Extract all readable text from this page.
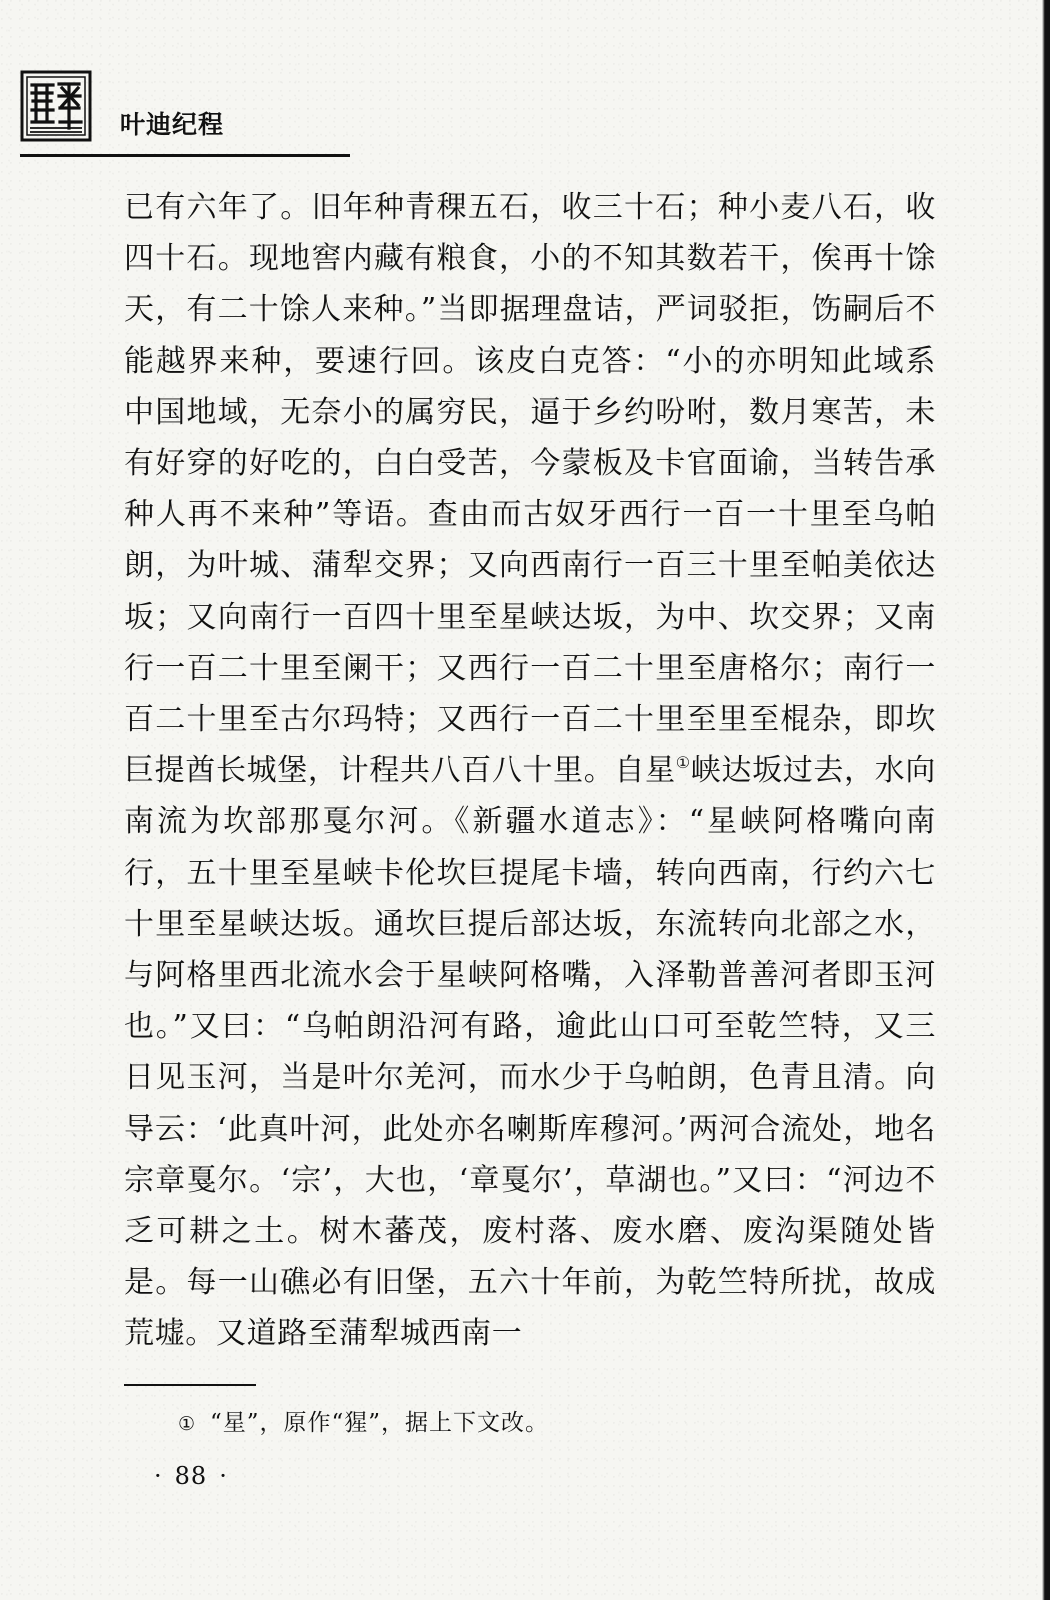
叶迪纪程

已有六年了。旧年种青稞五石，收三十石；种小麦八石，收四十石。现地窖内藏有粮食，小的不知其数若干，俟再十馀天，有二十馀人来种。”当即据理盘诘，严词驳拒，饬嗣后不能越界来种，要速行回。该皮白克答：“小的亦明知此域系中国地域，无奈小的属穷民，逼于乡约吩咐，数月寒苦，未有好穿的好吃的，白白受苦，今蒙板及卡官面谕，当转告承种人再不来种”等语。查由而古奴牙西行一百一十里至乌帕朗，为叶城、蒲犁交界；又向西南行一百三十里至帕美依达坂；又向南行一百四十里至星峡达坂，为中、坎交界；又南行一百二十里至阑干；又西行一百二十里至唐格尔；南行一百二十里至古尔玛特；又西行一百二十里至里至棍杂，即坎巨提酋长城堡，计程共八百八十里。自星①峡达坂过去，水向南流为坎部那戛尔河。《新疆水道志》：“星峡阿格嘴向南行，五十里至星峡卡伦坎巨提尾卡墙，转向西南，行约六七十里至星峡达坂。通坎巨提后部达坂，东流转向北部之水，与阿格里西北流水会于星峡阿格嘴，入泽勒普善河者即玉河也。”又曰：“乌帕朗沿河有路，逾此山口可至乾竺特，又三日见玉河，当是叶尔羌河，而水少于乌帕朗，色青且清。向导云：‘此真叶河，此处亦名喇斯库穆河。’两河合流处，地名宗章戛尔。‘宗’，大也，‘章戛尔’，草湖也。”又曰：“河边不乏可耕之土。树木蕃茂，废村落、废水磨、废沟渠随处皆是。每一山礁必有旧堡，五六十年前，为乾竺特所扰，故成荒墟。又道路至蒲犁城西南一

① “星”，原作“猩”，据上下文改。
· 88 ·
